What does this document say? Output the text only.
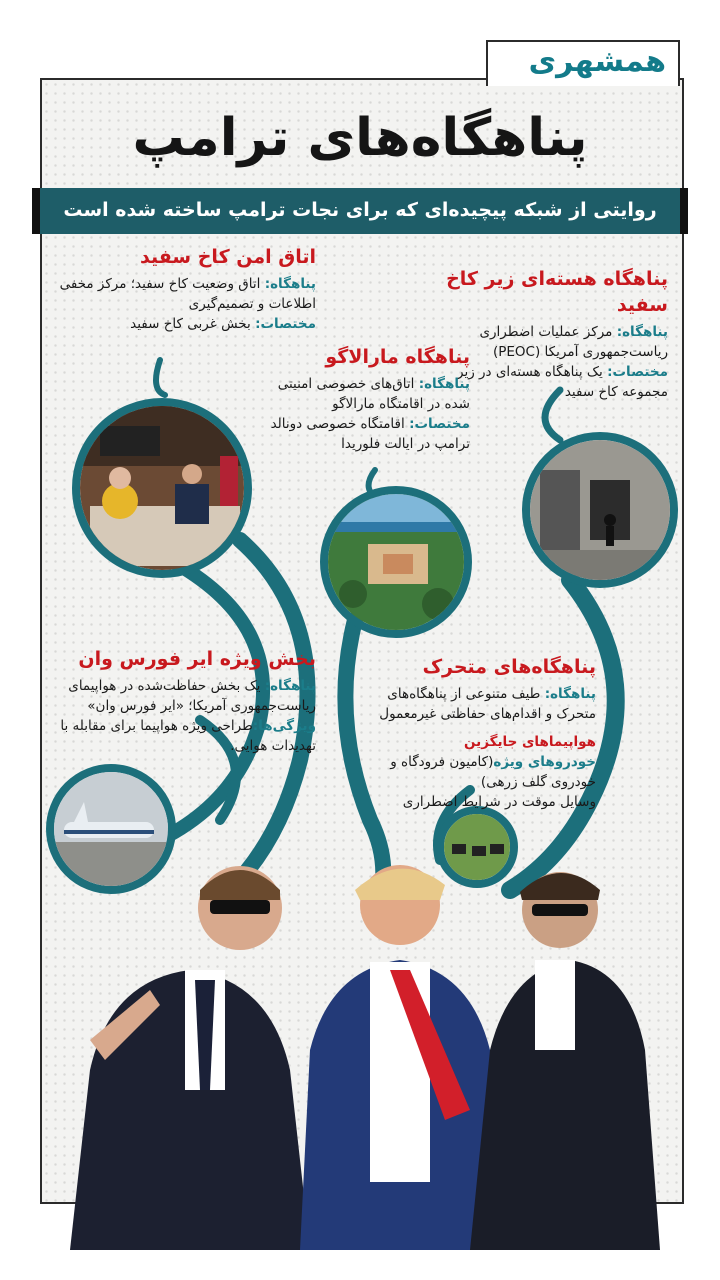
همشهری
پناهگاه‌های ترامپ
روایتی از شبکه پیچیده‌ای که برای نجات ترامپ ساخته شده است
اتاق امن کاخ سفید
پناهگاه: اتاق وضعیت کاخ سفید؛ مرکز مخفی
اطلاعات و تصمیم‌گیری
مختصات: بخش غربی کاخ سفید
پناهگاه هسته‌ای زیر کاخ سفید
پناهگاه: مرکز عملیات اضطراری
ریاست‌جمهوری آمریکا (PEOC)
مختصات: یک پناهگاه هسته‌ای در زیر
مجموعه کاخ سفید
پناهگاه مارالاگو
پناهگاه: اتاق‌های خصوصی امنیتی
شده در اقامتگاه مارالاگو
مختصات: اقامتگاه خصوصی دونالد
ترامپ در ایالت فلوریدا
بخش ویژه ایر فورس وان
پناهگاه: یک بخش حفاظت‌شده در هواپیمای
ریاست‌جمهوری آمریکا؛ «ایر فورس وان»
ویژگی‌ها:طراحی ویژه هواپیما برای مقابله با
تهدیدات هوایی.
پناهگاه‌های متحرک
پناهگاه: طیف متنوعی از پناهگاه‌های
متحرک و اقدام‌های حفاظتی غیرمعمول
هواپیماهای جایگزین
خودروهای ویژه(کامیون فرودگاه و
خودروی گلف زرهی)
وسایل موقت در شرایط اضطراری
